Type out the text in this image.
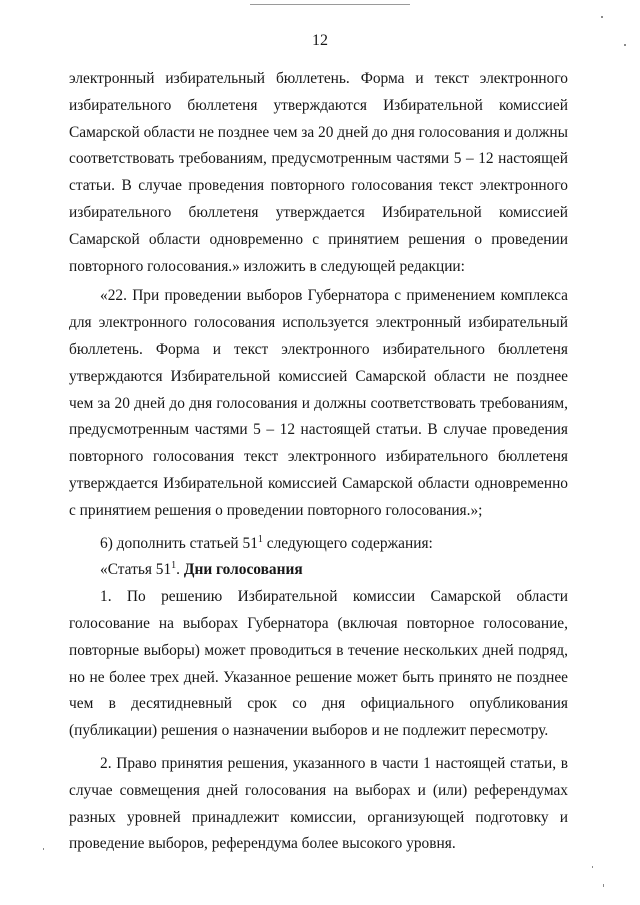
12

электронный избирательный бюллетень. Форма и текст электронного избирательного бюллетеня утверждаются Избирательной комиссией Самарской области не позднее чем за 20 дней до дня голосования и должны соответствовать требованиям, предусмотренным частями 5 – 12 настоящей статьи. В случае проведения повторного голосования текст электронного избирательного бюллетеня утверждается Избирательной комиссией Самарской области одновременно с принятием решения о проведении повторного голосования.» изложить в следующей редакции:

«22. При проведении выборов Губернатора с применением комплекса для электронного голосования используется электронный избирательный бюллетень. Форма и текст электронного избирательного бюллетеня утверждаются Избирательной комиссией Самарской области не позднее чем за 20 дней до дня голосования и должны соответствовать требованиям, предусмотренным частями 5 – 12 настоящей статьи. В случае проведения повторного голосования текст электронного избирательного бюллетеня утверждается Избирательной комиссией Самарской области одновременно с принятием решения о проведении повторного голосования.»;

6) дополнить статьей $51^1$ следующего содержания:

«Статья $51^1$. Дни голосования

1. По решению Избирательной комиссии Самарской области голосование на выборах Губернатора (включая повторное голосование, повторные выборы) может проводиться в течение нескольких дней подряд, но не более трех дней. Указанное решение может быть принято не позднее чем в десятидневный срок со дня официального опубликования (публикации) решения о назначении выборов и не подлежит пересмотру.

2. Право принятия решения, указанного в части 1 настоящей статьи, в случае совмещения дней голосования на выборах и (или) референдумах разных уровней принадлежит комиссии, организующей подготовку и проведение выборов, референдума более высокого уровня.
